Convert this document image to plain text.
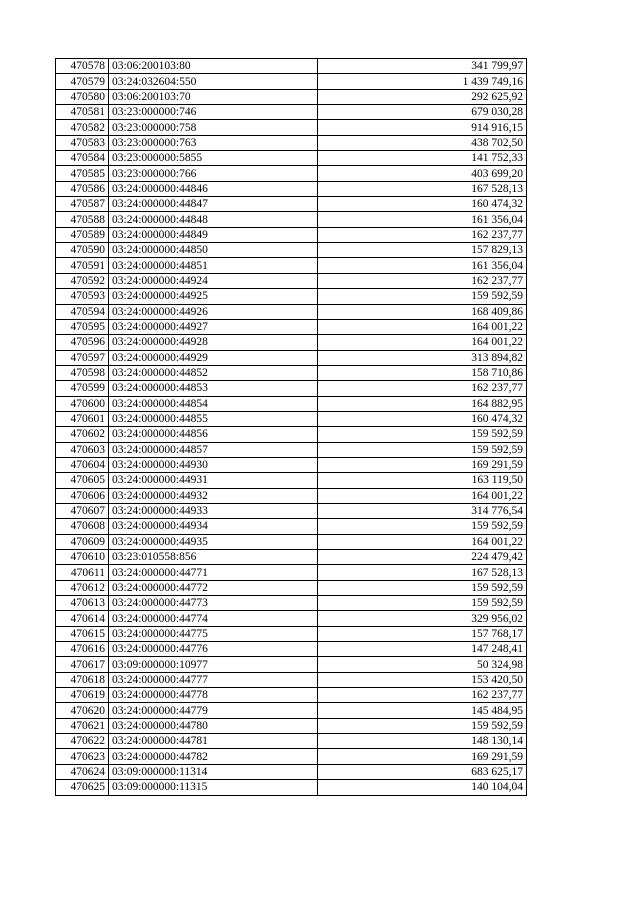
470578	03:06:200103:80	341 799,97
470579	03:24:032604:550	1 439 749,16
470580	03:06:200103:70	292 625,92
470581	03:23:000000:746	679 030,28
470582	03:23:000000:758	914 916,15
470583	03:23:000000:763	438 702,50
470584	03:23:000000:5855	141 752,33
470585	03:23:000000:766	403 699,20
470586	03:24:000000:44846	167 528,13
470587	03:24:000000:44847	160 474,32
470588	03:24:000000:44848	161 356,04
470589	03:24:000000:44849	162 237,77
470590	03:24:000000:44850	157 829,13
470591	03:24:000000:44851	161 356,04
470592	03:24:000000:44924	162 237,77
470593	03:24:000000:44925	159 592,59
470594	03:24:000000:44926	168 409,86
470595	03:24:000000:44927	164 001,22
470596	03:24:000000:44928	164 001,22
470597	03:24:000000:44929	313 894,82
470598	03:24:000000:44852	158 710,86
470599	03:24:000000:44853	162 237,77
470600	03:24:000000:44854	164 882,95
470601	03:24:000000:44855	160 474,32
470602	03:24:000000:44856	159 592,59
470603	03:24:000000:44857	159 592,59
470604	03:24:000000:44930	169 291,59
470605	03:24:000000:44931	163 119,50
470606	03:24:000000:44932	164 001,22
470607	03:24:000000:44933	314 776,54
470608	03:24:000000:44934	159 592,59
470609	03:24:000000:44935	164 001,22
470610	03:23:010558:856	224 479,42
470611	03:24:000000:44771	167 528,13
470612	03:24:000000:44772	159 592,59
470613	03:24:000000:44773	159 592,59
470614	03:24:000000:44774	329 956,02
470615	03:24:000000:44775	157 768,17
470616	03:24:000000:44776	147 248,41
470617	03:09:000000:10977	50 324,98
470618	03:24:000000:44777	153 420,50
470619	03:24:000000:44778	162 237,77
470620	03:24:000000:44779	145 484,95
470621	03:24:000000:44780	159 592,59
470622	03:24:000000:44781	148 130,14
470623	03:24:000000:44782	169 291,59
470624	03:09:000000:11314	683 625,17
470625	03:09:000000:11315	140 104,04
